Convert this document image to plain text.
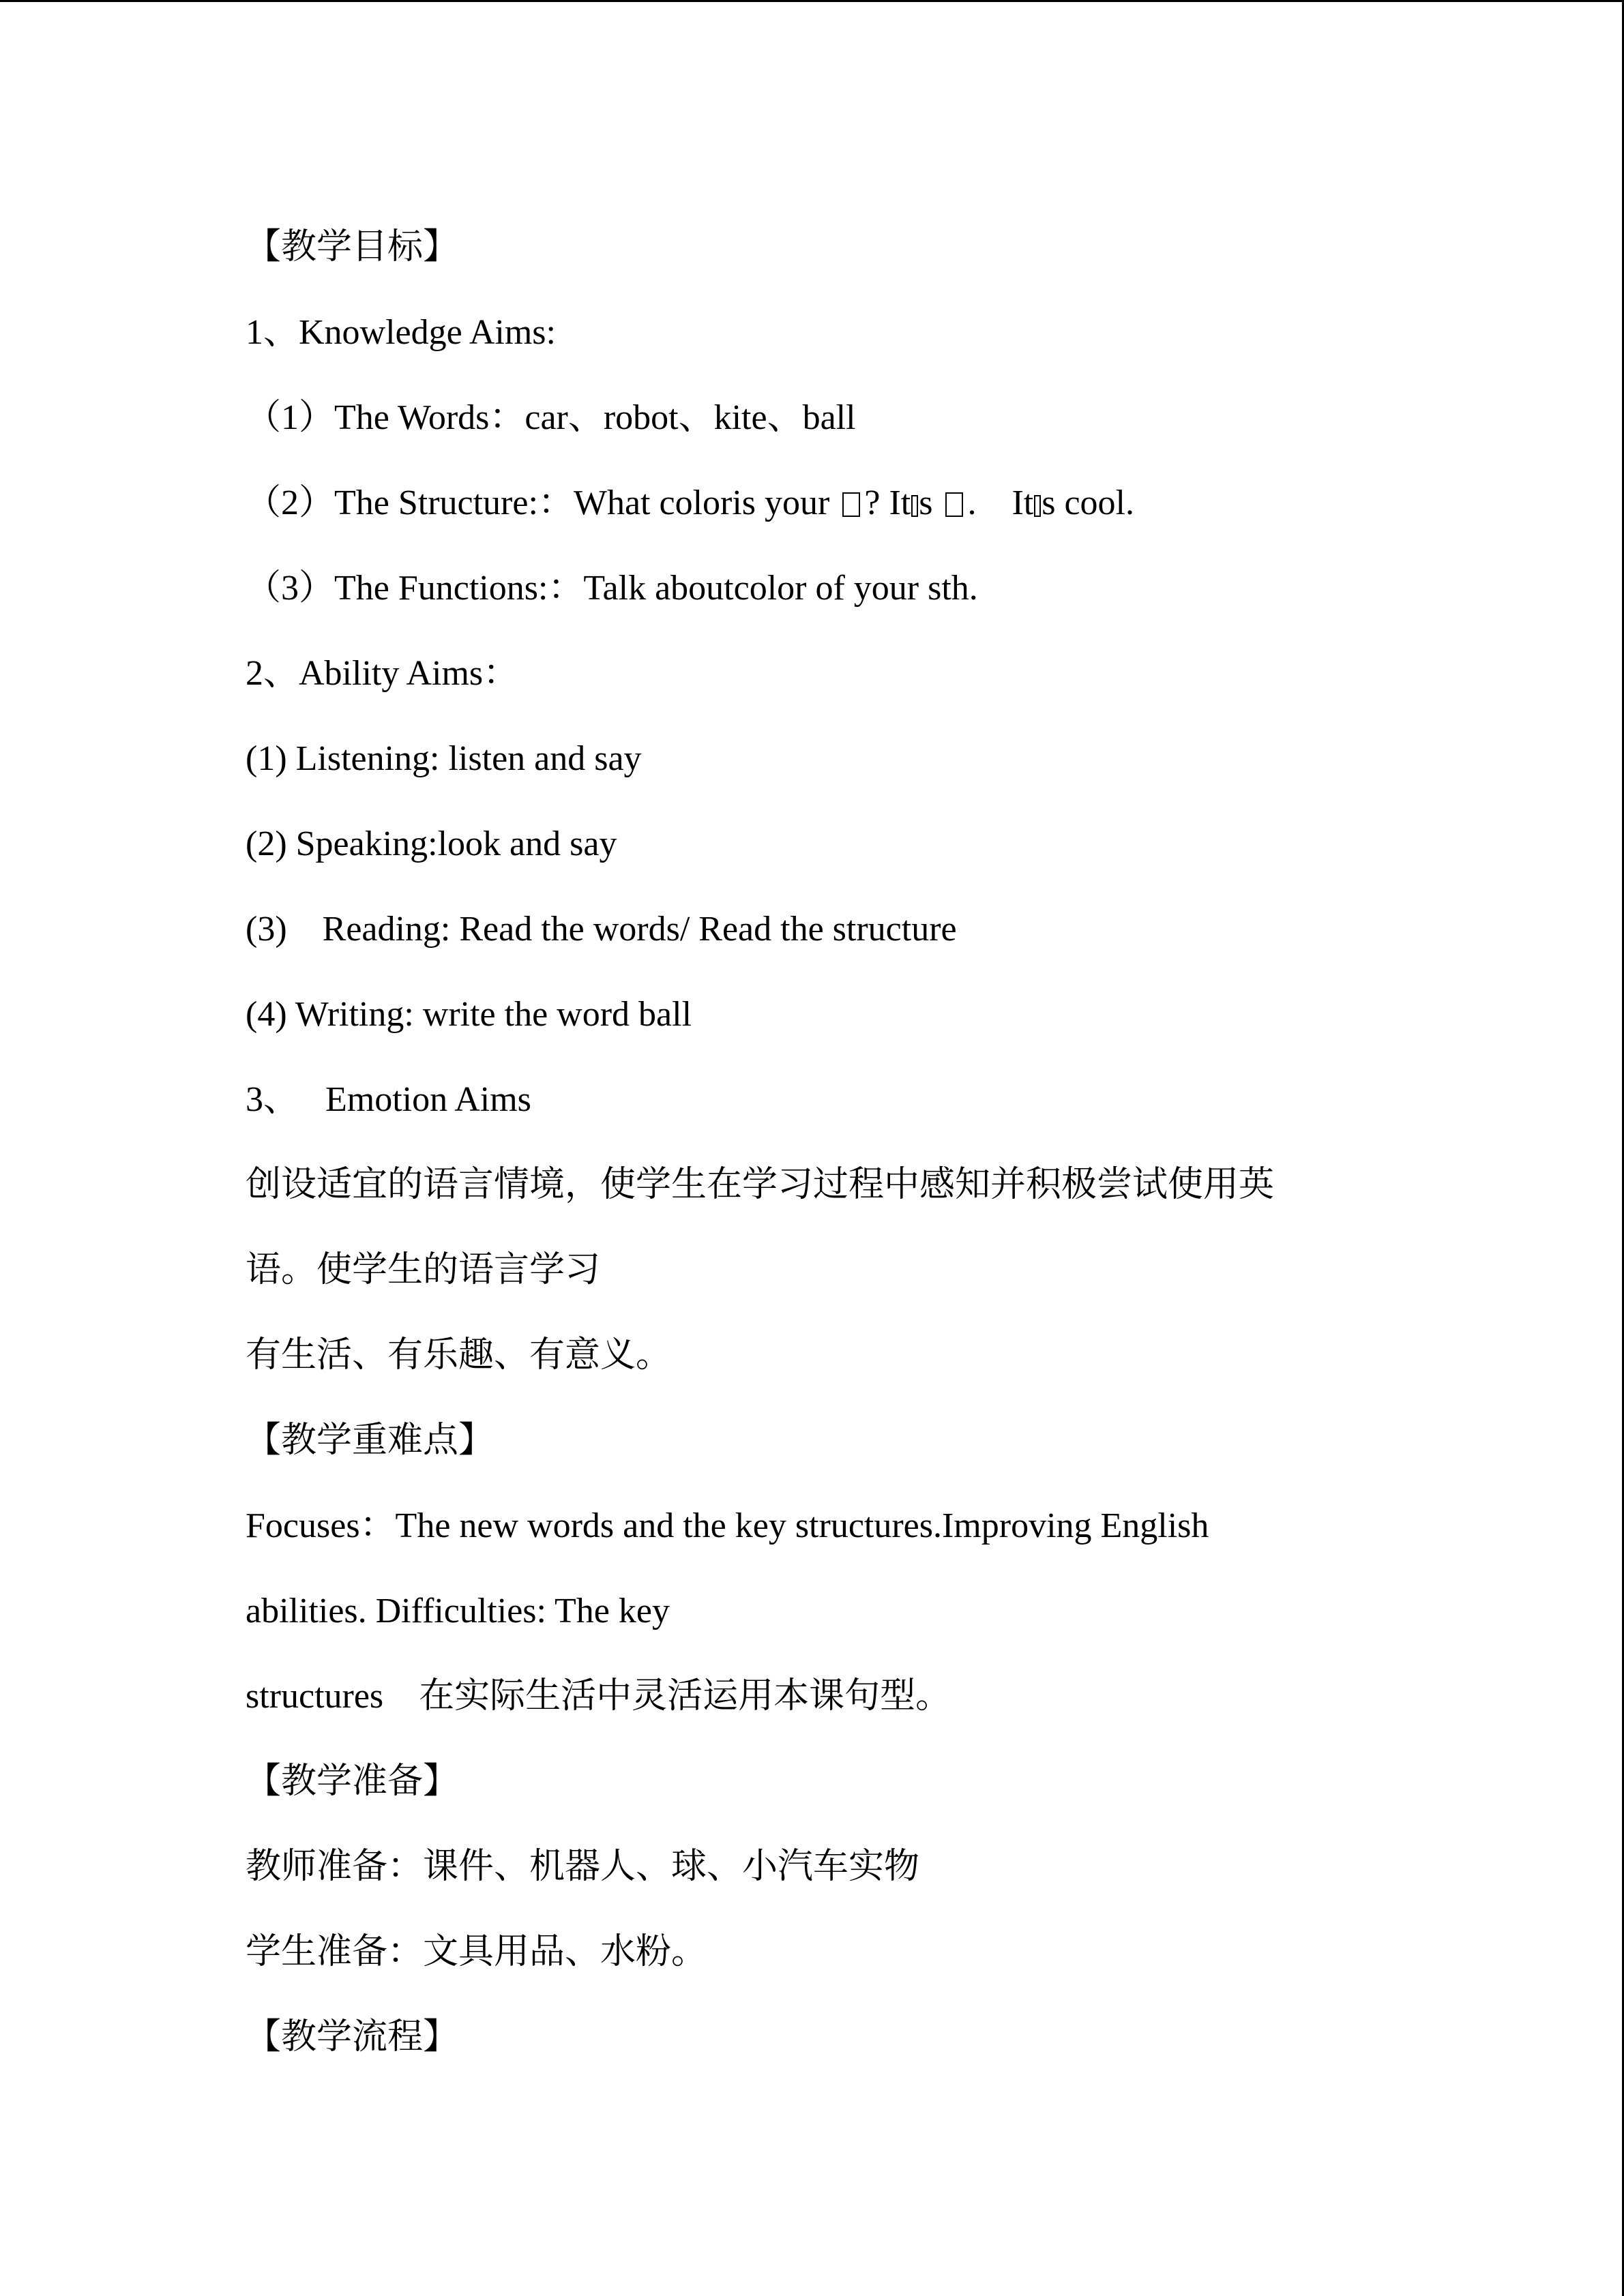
【教学目标】
1、Knowledge Aims:
（1）The Words：car、robot、kite、ball
（2）The Structure:：What coloris your ? It s .    It s cool.
（3）The Functions:：Talk aboutcolor of your sth.
2、Ability Aims：
(1) Listening: listen and say
(2) Speaking:look and say
(3)    Reading: Read the words/ Read the structure
(4) Writing: write the word ball
3、   Emotion Aims
创设适宜的语言情境，使学生在学习过程中感知并积极尝试使用英
语。使学生的语言学习
有生活、有乐趣、有意义。
【教学重难点】
Focuses：The new words and the key structures.Improving English
abilities. Difficulties: The key
structures    在实际生活中灵活运用本课句型。
【教学准备】
教师准备：课件、机器人、球、小汽车实物
学生准备：文具用品、水粉。
【教学流程】
